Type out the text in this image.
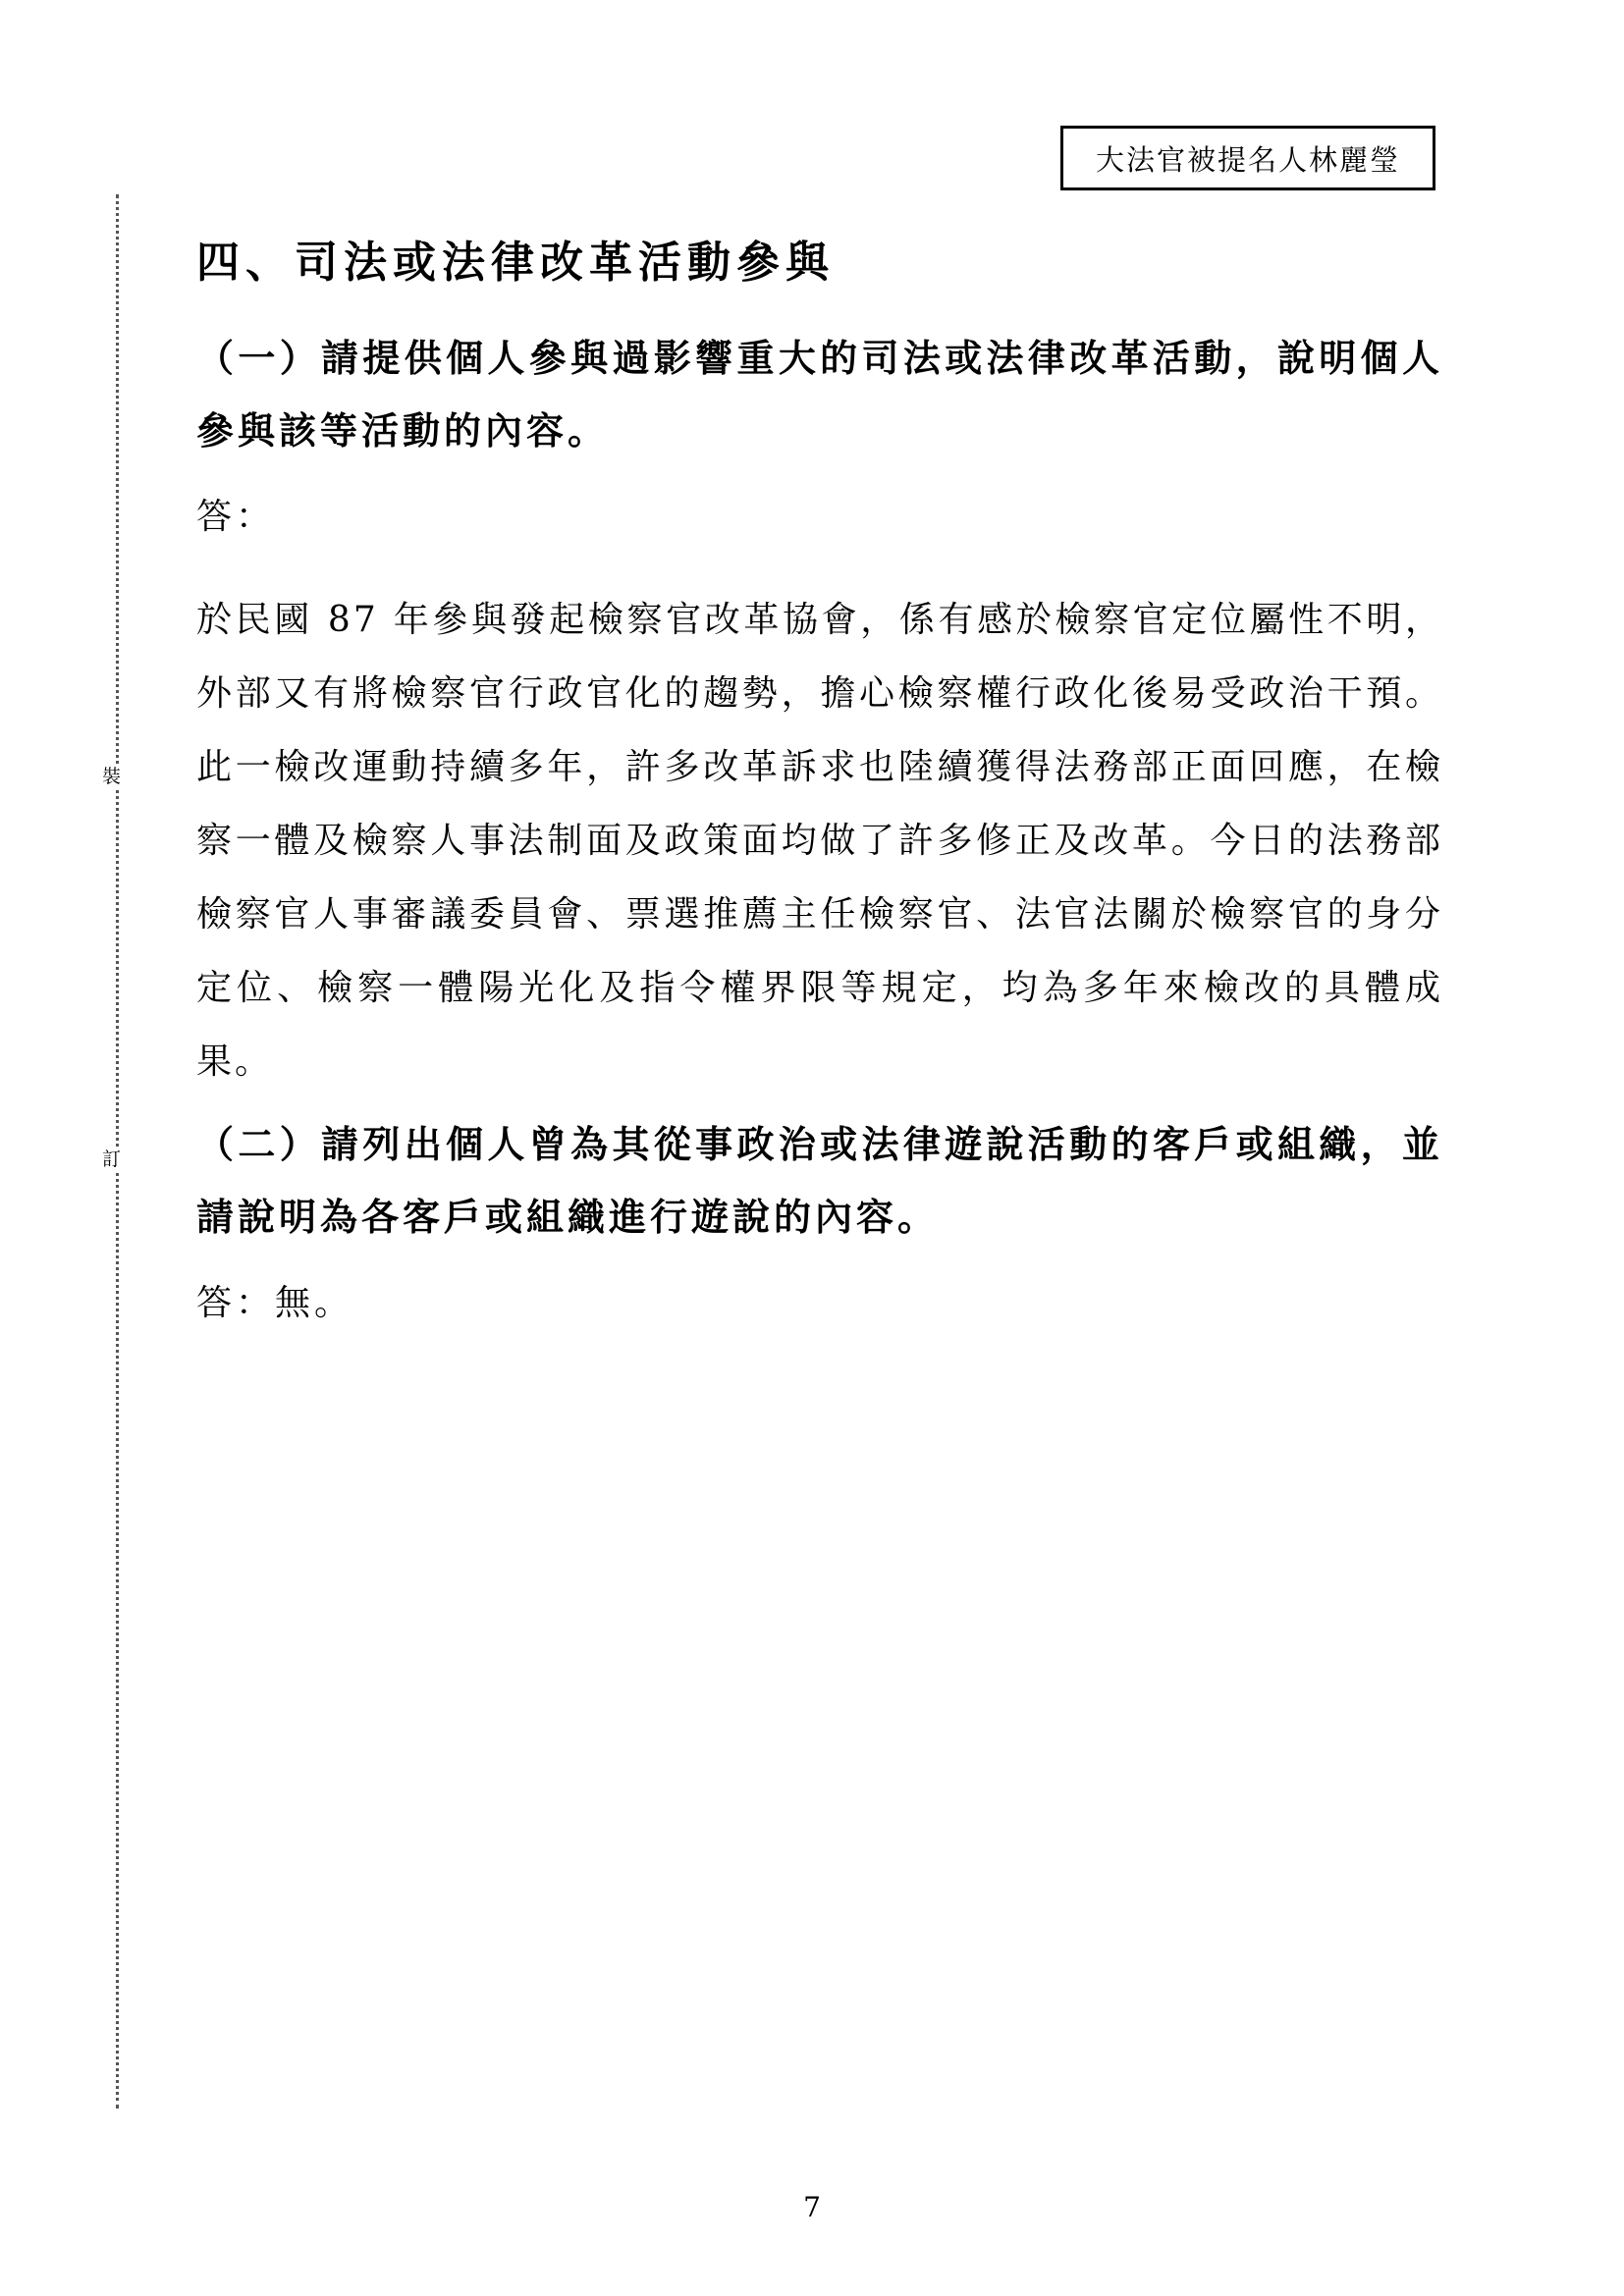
大法官被提名人林麗瑩
裝
訂
四、司法或法律改革活動參與

（一）請提供個人參與過影響重大的司法或法律改革活動，說明個人參與該等活動的內容。

答：

於民國 87 年參與發起檢察官改革協會，係有感於檢察官定位屬性不明，外部又有將檢察官行政官化的趨勢，擔心檢察權行政化後易受政治干預。此一檢改運動持續多年，許多改革訴求也陸續獲得法務部正面回應，在檢察一體及檢察人事法制面及政策面均做了許多修正及改革。今日的法務部檢察官人事審議委員會、票選推薦主任檢察官、法官法關於檢察官的身分定位、檢察一體陽光化及指令權界限等規定，均為多年來檢改的具體成果。

（二）請列出個人曾為其從事政治或法律遊說活動的客戶或組織，並請說明為各客戶或組織進行遊說的內容。

答：無。

7
